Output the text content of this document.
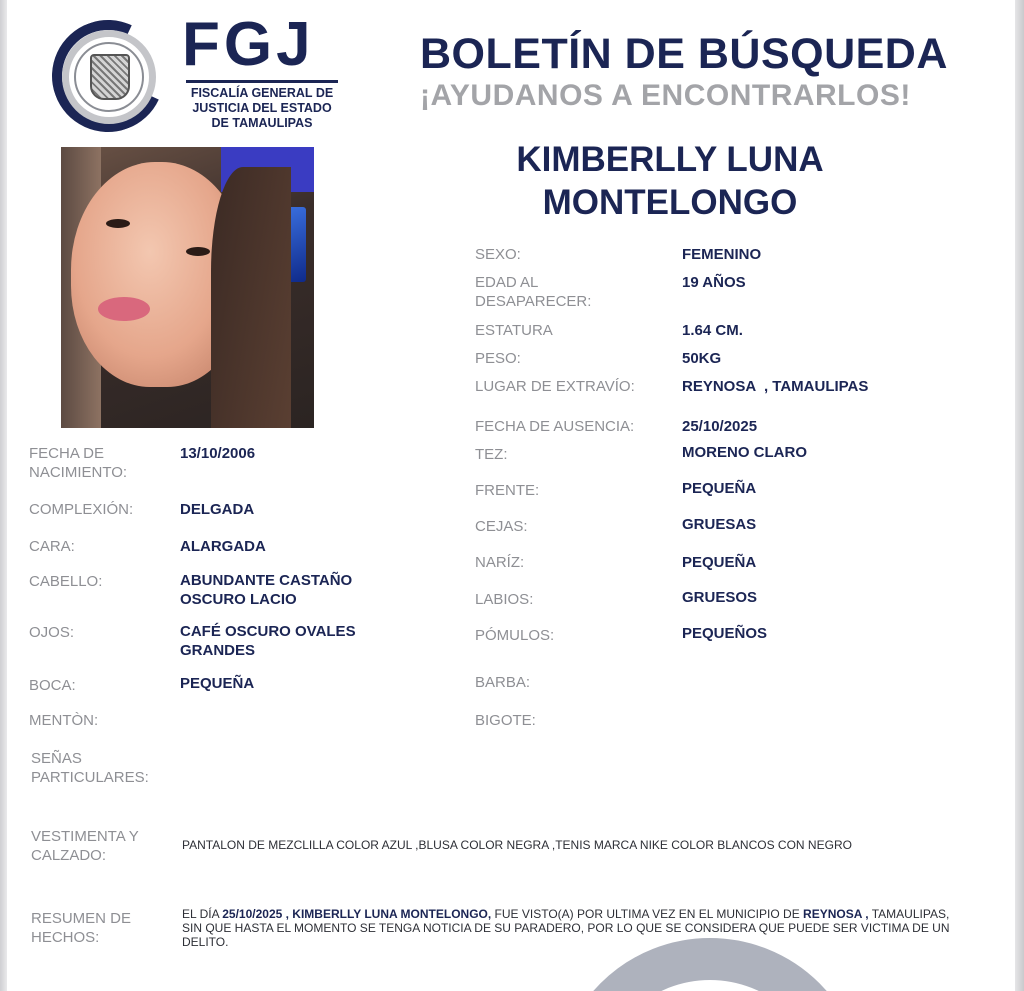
FGJ
FISCALÍA GENERAL DE
JUSTICIA DEL ESTADO
DE TAMAULIPAS
BOLETÍN DE BÚSQUEDA
¡AYUDANOS A ENCONTRARLOS!
KIMBERLLY LUNA
MONTELONGO
SEXO:	FEMENINO
EDAD AL DESAPARECER:
19 AÑOS
ESTATURA	1.64 CM.
PESO:	50KG
LUGAR DE EXTRAVÍO:	REYNOSA  , TAMAULIPAS
FECHA DE AUSENCIA:	25/10/2025
TEZ:	MORENO CLARO
FRENTE:	PEQUEÑA
CEJAS:	GRUESAS
NARÍZ:	PEQUEÑA
LABIOS:	GRUESOS
PÓMULOS:	PEQUEÑOS
BARBA:
BIGOTE:
FECHA DE NACIMIENTO:
13/10/2006
COMPLEXIÓN:	DELGADA
CARA:	ALARGADA
CABELLO:	ABUNDANTE CASTAÑO OSCURO LACIO
OJOS:	CAFÉ OSCURO OVALES GRANDES
BOCA:	PEQUEÑA
MENTÒN:
SEÑAS PARTICULARES:
VESTIMENTA Y CALZADO:
PANTALON DE MEZCLILLA COLOR AZUL ,BLUSA COLOR NEGRA ,TENIS MARCA NIKE COLOR BLANCOS CON NEGRO
RESUMEN DE HECHOS:
EL DÍA 25/10/2025 , KIMBERLLY LUNA MONTELONGO, FUE VISTO(A) POR ULTIMA VEZ EN EL MUNICIPIO DE REYNOSA , TAMAULIPAS, SIN QUE HASTA EL MOMENTO SE TENGA NOTICIA DE SU PARADERO, POR LO QUE SE CONSIDERA QUE PUEDE SER VICTIMA DE UN DELITO.
